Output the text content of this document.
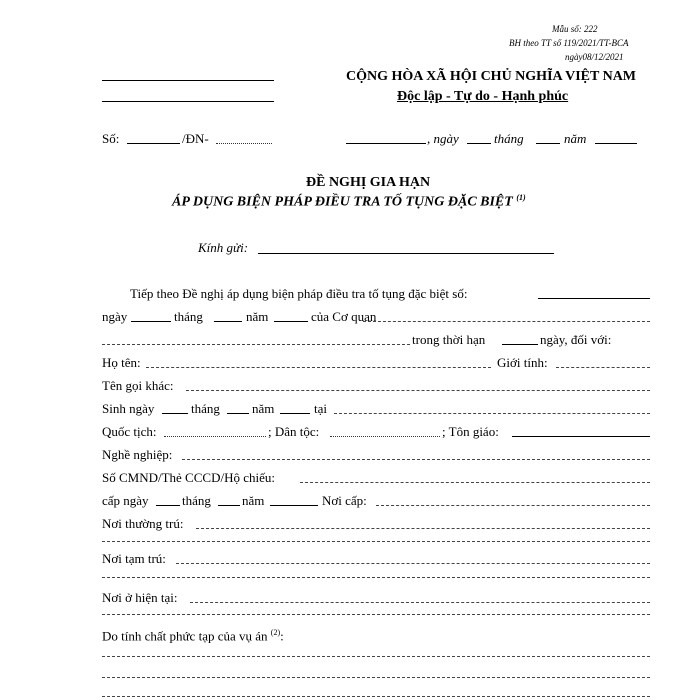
Mẫu số: 222
BH theo TT số 119/2021/TT-BCA
ngày08/12/2021
CỘNG HÒA XÃ HỘI CHỦ NGHĨA VIỆT NAM
Độc lập - Tự do - Hạnh phúc
Số:	/ĐN-	, ngày	tháng	năm
ĐỀ NGHỊ GIA HẠN
ÁP DỤNG BIỆN PHÁP ĐIỀU TRA TỐ TỤNG ĐẶC BIỆT $^{(1)}$
Kính gửi:
Tiếp theo Đề nghị áp dụng biện pháp điều tra tố tụng đặc biệt số:
ngày	tháng	năm	của Cơ quan
trong thời hạn	ngày, đối với:
Họ tên:	Giới tính:
Tên gọi khác:
Sinh ngày	tháng năm	tại
Quốc tịch:	; Dân tộc:	; Tôn giáo:
Nghề nghiệp:
Số CMND/Thẻ CCCD/Hộ chiếu:
cấp ngày	tháng năm	Nơi cấp:
Nơi thường trú:
Nơi tạm trú:
Nơi ở hiện tại:
Do tính chất phức tạp của vụ án $^{(2)}$:
